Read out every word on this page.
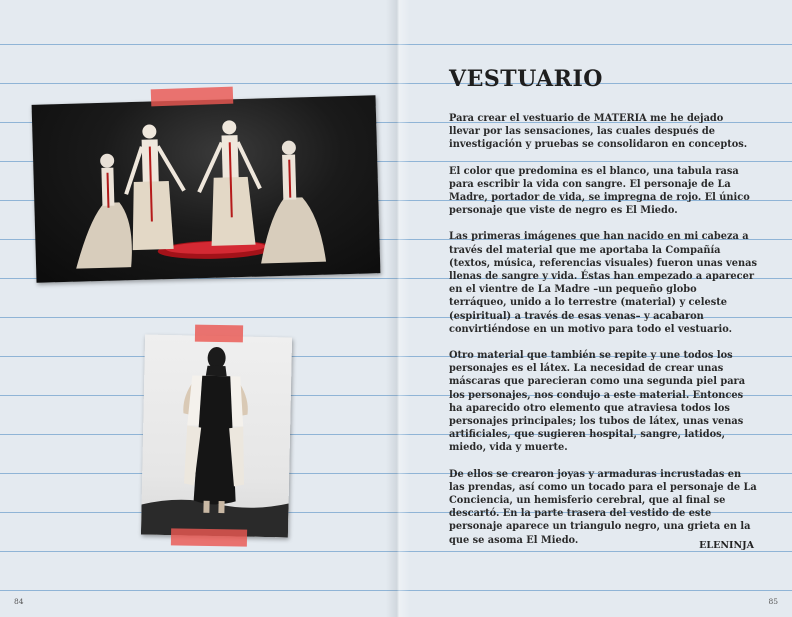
VESTUARIO

Para crear el vestuario de MATERIA me he dejado llevar por las sensaciones, las cuales después de investigación y pruebas se consolidaron en conceptos.

El color que predomina es el blanco, una tabula rasa para escribir la vida con sangre. El personaje de La Madre, portador de vida, se impregna de rojo. El único personaje que viste de negro es El Miedo.

Las primeras imágenes que han nacido en mi cabeza a través del material que me aportaba la Compañía (textos, música, referencias visuales) fueron unas venas llenas de sangre y vida. Éstas han empezado a aparecer en el vientre de La Madre –un pequeño globo terráqueo, unido a lo terrestre (material) y celeste (espiritual) a través de esas venas– y acabaron convirtiéndose en un motivo para todo el vestuario.

Otro material que también se repite y une todos los personajes es el látex. La necesidad de crear unas máscaras que parecieran como una segunda piel para los personajes, nos condujo a este material. Entonces ha aparecido otro elemento que atraviesa todos los personajes principales; los tubos de látex, unas venas artificiales, que sugieren hospital, sangre, latidos, miedo, vida y muerte.

De ellos se crearon joyas y armaduras incrustadas en las prendas, así como un tocado para el personaje de La Conciencia, un hemisferio cerebral, que al final se descartó. En la parte trasera del vestido de este personaje aparece un triangulo negro, una grieta en la que se asoma El Miedo.	ELENINJA
84	85
